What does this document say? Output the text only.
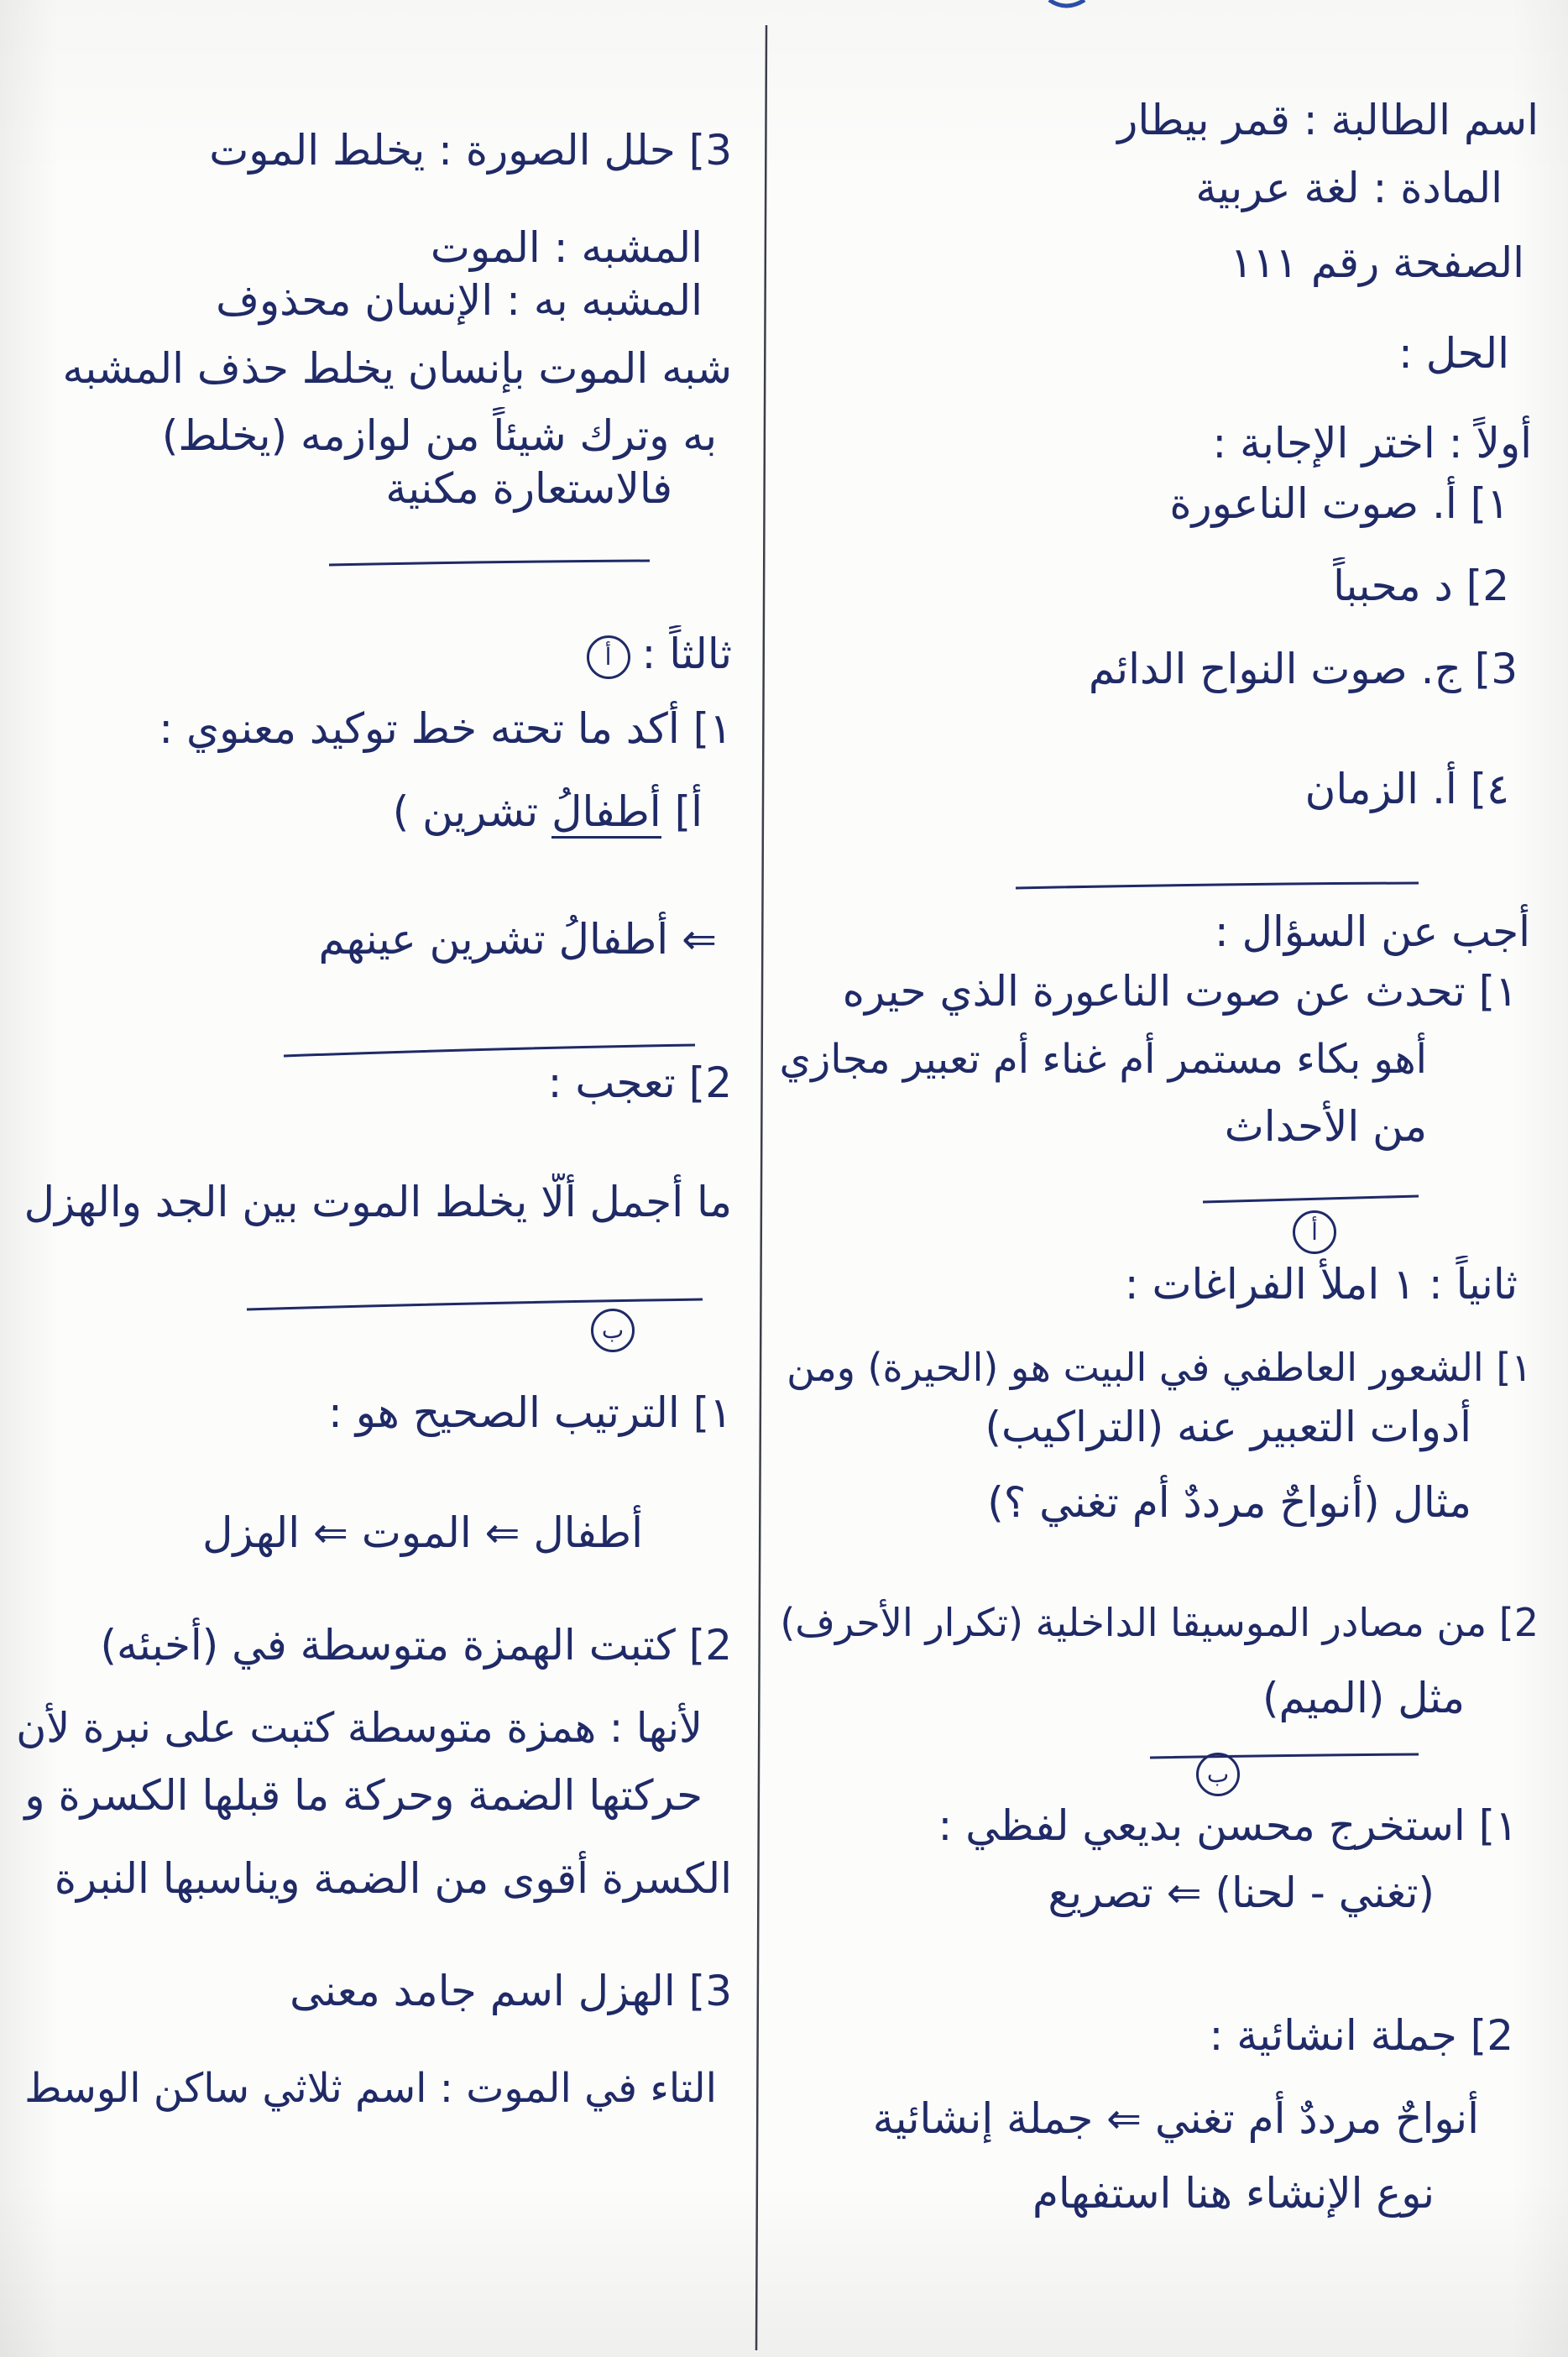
اسم الطالبة : قمر بيطار
المادة : لغة عربية
الصفحة رقم ١١١
الحل :
أولاً : اختر الإجابة :
١] أ. صوت الناعورة
2] د محبباً
3] ج. صوت النواح الدائم
٤] أ. الزمان
أجب عن السؤال :
١] تحدث عن صوت الناعورة الذي حيره
أهو بكاء مستمر أم غناء أم تعبير مجازي
من الأحداث
أ
ثانياً : ١ املأ الفراغات :
١] الشعور العاطفي في البيت هو (الحيرة) ومن
أدوات التعبير عنه (التراكيب)
مثال (أنواحٌ مرددٌ أم تغني ؟)
2] من مصادر الموسيقا الداخلية (تكرار الأحرف)
مثل (الميم)
ب
١] استخرج محسن بديعي لفظي :
(تغني - لحنا) ⇐ تصريع
2] جملة انشائية :
أنواحٌ مرددٌ أم تغني ⇐ جملة إنشائية
نوع الإنشاء هنا استفهام
3] حلل الصورة : يخلط الموت
المشبه : الموت
المشبه به : الإنسان محذوف
شبه الموت بإنسان يخلط حذف المشبه
به وترك شيئاً من لوازمه (يخلط)
فالاستعارة مكنية
ثالثاً :أ
١] أكد ما تحته خط توكيد معنوي :
أ] أطفالُ تشرين )
⇐ أطفالُ تشرين عينهم
2] تعجب :
ما أجمل ألّا يخلط الموت بين الجد والهزل
ب
١] الترتيب الصحيح هو :
أطفال ⇐ الموت ⇐ الهزل
2] كتبت الهمزة متوسطة في (أخبئه)
لأنها : همزة متوسطة كتبت على نبرة لأن
حركتها الضمة وحركة ما قبلها الكسرة و
الكسرة أقوى من الضمة ويناسبها النبرة
3] الهزل اسم جامد معنى
التاء في الموت : اسم ثلاثي ساكن الوسط
